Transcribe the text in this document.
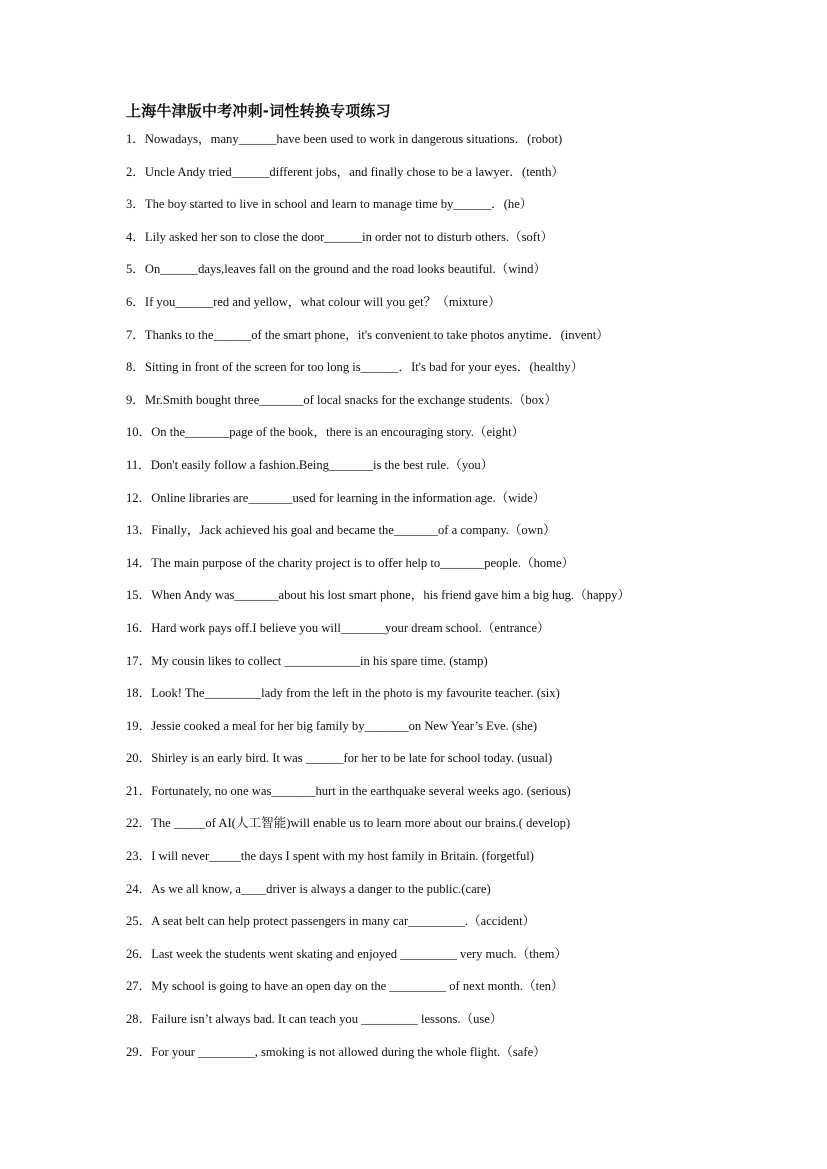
上海牛津版中考冲刺-词性转换专项练习
1．Nowadays，many______have been used to work in dangerous situations．(robot)
2．Uncle Andy tried______different jobs，and finally chose to be a lawyer．(tenth）
3．The boy started to live in school and learn to manage time by______．(he）
4．Lily asked her son to close the door______in order not to disturb others.（soft）
5．On______days,leaves fall on the ground and the road looks beautiful.（wind）
6．If you______red and yellow，what colour will you get？（mixture）
7．Thanks to the______of the smart phone，it's convenient to take photos anytime．(invent）
8．Sitting in front of the screen for too long is______．It's bad for your eyes．(healthy）
9．Mr.Smith bought three_______of local snacks for the exchange students.（box）
10．On the_______page of the book，there is an encouraging story.（eight）
11．Don't easily follow a fashion.Being_______is the best rule.（you）
12．Online libraries are_______used for learning in the information age.（wide）
13．Finally，Jack achieved his goal and became the_______of a company.（own）
14．The main purpose of the charity project is to offer help to_______people.（home）
15．When Andy was_______about his lost smart phone，his friend gave him a big hug.（happy）
16．Hard work pays off.I believe you will_______your dream school.（entrance）
17．My cousin likes to collect ____________in his spare time. (stamp)
18．Look! The_________lady from the left in the photo is my favourite teacher. (six)
19．Jessie cooked a meal for her big family by_______on New Year’s Eve. (she)
20．Shirley is an early bird. It was ______for her to be late for school today. (usual)
21．Fortunately, no one was_______hurt in the earthquake several weeks ago. (serious)
22．The _____of AI(人工智能)will enable us to learn more about our brains.( develop)
23．I will never_____the days I spent with my host family in Britain. (forgetful)
24．As we all know, a____driver is always a danger to the public.(care)
25．A seat belt can help protect passengers in many car_________.（accident）
26．Last week the students went skating and enjoyed _________ very much.（them）
27．My school is going to have an open day on the _________ of next month.（ten）
28．Failure isn’t always bad. It can teach you _________ lessons.（use）
29．For your _________, smoking is not allowed during the whole flight.（safe）
